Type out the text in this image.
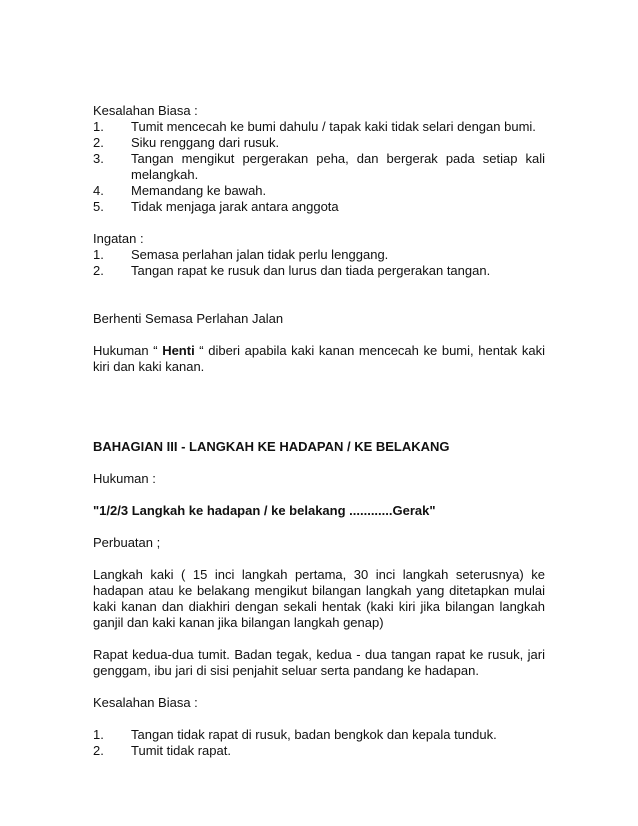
Kesalahan Biasa :

1.	Tumit mencecah ke bumi dahulu / tapak kaki tidak selari dengan bumi.
2.	Siku renggang dari rusuk.
3.	Tangan mengikut pergerakan peha, dan bergerak pada setiap kali melangkah.
4.	Memandang ke bawah.
5.	Tidak menjaga jarak antara anggota

Ingatan :

1.	Semasa perlahan jalan tidak perlu lenggang.
2.	Tangan rapat ke rusuk dan lurus dan tiada pergerakan tangan.

Berhenti Semasa Perlahan Jalan

Hukuman “ Henti “ diberi apabila kaki kanan mencecah ke bumi, hentak kaki kiri dan kaki kanan.

BAHAGIAN III - LANGKAH KE HADAPAN / KE BELAKANG

Hukuman :

"1/2/3 Langkah ke hadapan / ke belakang ............Gerak"

Perbuatan ;

Langkah kaki ( 15 inci langkah pertama, 30 inci langkah seterusnya) ke hadapan atau ke belakang mengikut bilangan langkah yang ditetapkan mulai kaki kanan dan diakhiri dengan sekali hentak (kaki kiri jika bilangan langkah ganjil dan kaki kanan jika bilangan langkah genap)

Rapat kedua-dua tumit. Badan tegak, kedua - dua tangan rapat ke rusuk, jari genggam, ibu jari di sisi penjahit seluar serta pandang ke hadapan.

Kesalahan Biasa :

1.	Tangan tidak rapat di rusuk, badan bengkok dan kepala tunduk.
2.	Tumit tidak rapat.
